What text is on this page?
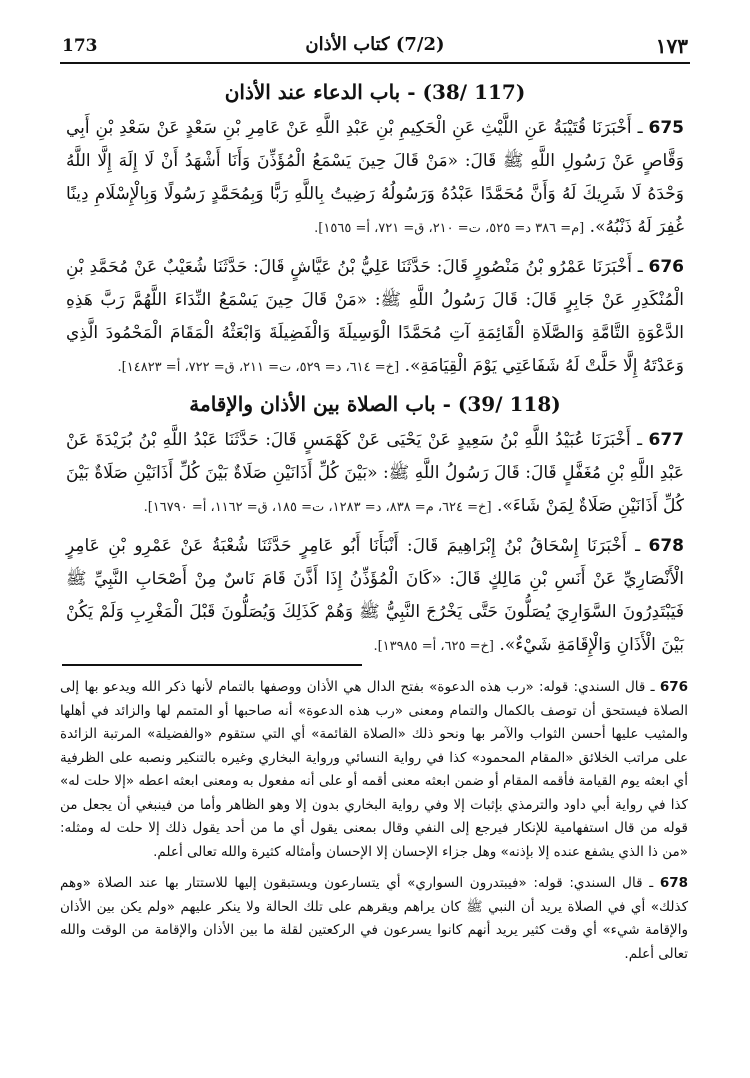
173	(7/2) كتاب الأذان	١٧٣
(117 /38) - باب الدعاء عند الأذان

675 ـ أَخْبَرَنَا قُتَيْبَةُ عَنِ اللَّيْثِ عَنِ الْحَكِيمِ بْنِ عَبْدِ اللَّهِ عَنْ عَامِرِ بْنِ سَعْدٍ عَنْ سَعْدِ بْنِ أَبِي وَقَّاصٍ عَنْ رَسُولِ اللَّهِ ﷺ قَالَ: «مَنْ قَالَ حِينَ يَسْمَعُ الْمُؤَذِّنَ وَأَنَا أَشْهَدُ أَنْ لَا إِلَهَ إِلَّا اللَّهُ وَحْدَهُ لَا شَرِيكَ لَهُ وَأَنَّ مُحَمَّدًا عَبْدُهُ وَرَسُولُهُ رَضِيتُ بِاللَّهِ رَبًّا وَبِمُحَمَّدٍ رَسُولًا وَبِالْإِسْلَامِ دِينًا غُفِرَ لَهُ ذَنْبُهُ». [م= ٣٨٦ د= ٥٢٥، ت= ٢١٠، ق= ٧٢١، أ= ١٥٦٥].

676 ـ أَخْبَرَنَا عَمْرُو بْنُ مَنْصُورٍ قَالَ: حَدَّثَنَا عَلِيُّ بْنُ عَيَّاشٍ قَالَ: حَدَّثَنَا شُعَيْبٌ عَنْ مُحَمَّدِ بْنِ الْمُنْكَدِرِ عَنْ جَابِرٍ قَالَ: قَالَ رَسُولُ اللَّهِ ﷺ: «مَنْ قَالَ حِينَ يَسْمَعُ النِّدَاءَ اللَّهُمَّ رَبَّ هَذِهِ الدَّعْوَةِ التَّامَّةِ وَالصَّلَاةِ الْقَائِمَةِ آتِ مُحَمَّدًا الْوَسِيلَةَ وَالْفَضِيلَةَ وَابْعَثْهُ الْمَقَامَ الْمَحْمُودَ الَّذِي وَعَدْتَهُ إِلَّا حَلَّتْ لَهُ شَفَاعَتِي يَوْمَ الْقِيَامَةِ». [خ= ٦١٤، د= ٥٢٩، ت= ٢١١، ق= ٧٢٢، أ= ١٤٨٢٣].

(118 /39) - باب الصلاة بين الأذان والإقامة

677 ـ أَخْبَرَنَا عُبَيْدُ اللَّهِ بْنُ سَعِيدٍ عَنْ يَحْيَى عَنْ كَهْمَسٍ قَالَ: حَدَّثَنَا عَبْدُ اللَّهِ بْنُ بُرَيْدَةَ عَنْ عَبْدِ اللَّهِ بْنِ مُغَفَّلٍ قَالَ: قَالَ رَسُولُ اللَّهِ ﷺ: «بَيْنَ كُلِّ أَذَانَيْنِ صَلَاةٌ بَيْنَ كُلِّ أَذَانَيْنِ صَلَاةٌ بَيْنَ كُلِّ أَذَانَيْنِ صَلَاةٌ لِمَنْ شَاءَ». [خ= ٦٢٤، م= ٨٣٨، د= ١٢٨٣، ت= ١٨٥، ق= ١١٦٢، أ= ١٦٧٩٠].

678 ـ أَخْبَرَنَا إِسْحَاقُ بْنُ إِبْرَاهِيمَ قَالَ: أَنْبَأَنَا أَبُو عَامِرٍ حَدَّثَنَا شُعْبَةُ عَنْ عَمْرِو بْنِ عَامِرٍ الْأَنْصَارِيِّ عَنْ أَنَسِ بْنِ مَالِكٍ قَالَ: «كَانَ الْمُؤَذِّنُ إِذَا أَذَّنَ قَامَ نَاسٌ مِنْ أَصْحَابِ النَّبِيِّ ﷺ فَيَبْتَدِرُونَ السَّوَارِيَ يُصَلُّونَ حَتَّى يَخْرُجَ النَّبِيُّ ﷺ وَهُمْ كَذَلِكَ وَيُصَلُّونَ قَبْلَ الْمَغْرِبِ وَلَمْ يَكُنْ بَيْنَ الْأَذَانِ وَالْإِقَامَةِ شَيْءٌ». [خ= ٦٢٥، أ= ١٣٩٨٥].

676 ـ قال السندي: قوله: «رب هذه الدعوة» بفتح الدال هي الأذان ووصفها بالتمام لأنها ذكر الله ويدعو بها إلى الصلاة فيستحق أن توصف بالكمال والتمام ومعنى «رب هذه الدعوة» أنه صاحبها أو المتمم لها والزائد في أهلها والمثيب عليها أحسن الثواب والآمر بها ونحو ذلك «الصلاة القائمة» أي التي ستقوم «والفضيلة» المرتبة الزائدة على مراتب الخلائق «المقام المحمود» كذا في رواية النسائي ورواية البخاري وغيره بالتنكير ونصبه على الظرفية أي ابعثه يوم القيامة فأقمه المقام أو ضمن ابعثه معنى أقمه أو على أنه مفعول به ومعنى ابعثه اعطه «إلا حلت له» كذا في رواية أبي داود والترمذي بإثبات إلا وفي رواية البخاري بدون إلا وهو الظاهر وأما من فينبغي أن يجعل من قوله من قال استفهامية للإنكار فيرجع إلى النفي وقال بمعنى يقول أي ما من أحد يقول ذلك إلا حلت له ومثله: «من ذا الذي يشفع عنده إلا بإذنه» وهل جزاء الإحسان إلا الإحسان وأمثاله كثيرة والله تعالى أعلم.

678 ـ قال السندي: قوله: «فيبتدرون السواري» أي يتسارعون ويستبقون إليها للاستتار بها عند الصلاة «وهم كذلك» أي في الصلاة يريد أن النبي ﷺ كان يراهم ويقرهم على تلك الحالة ولا ينكر عليهم «ولم يكن بين الأذان والإقامة شيء» أي وقت كثير يريد أنهم كانوا يسرعون في الركعتين لقلة ما بين الأذان والإقامة من الوقت والله تعالى أعلم.
